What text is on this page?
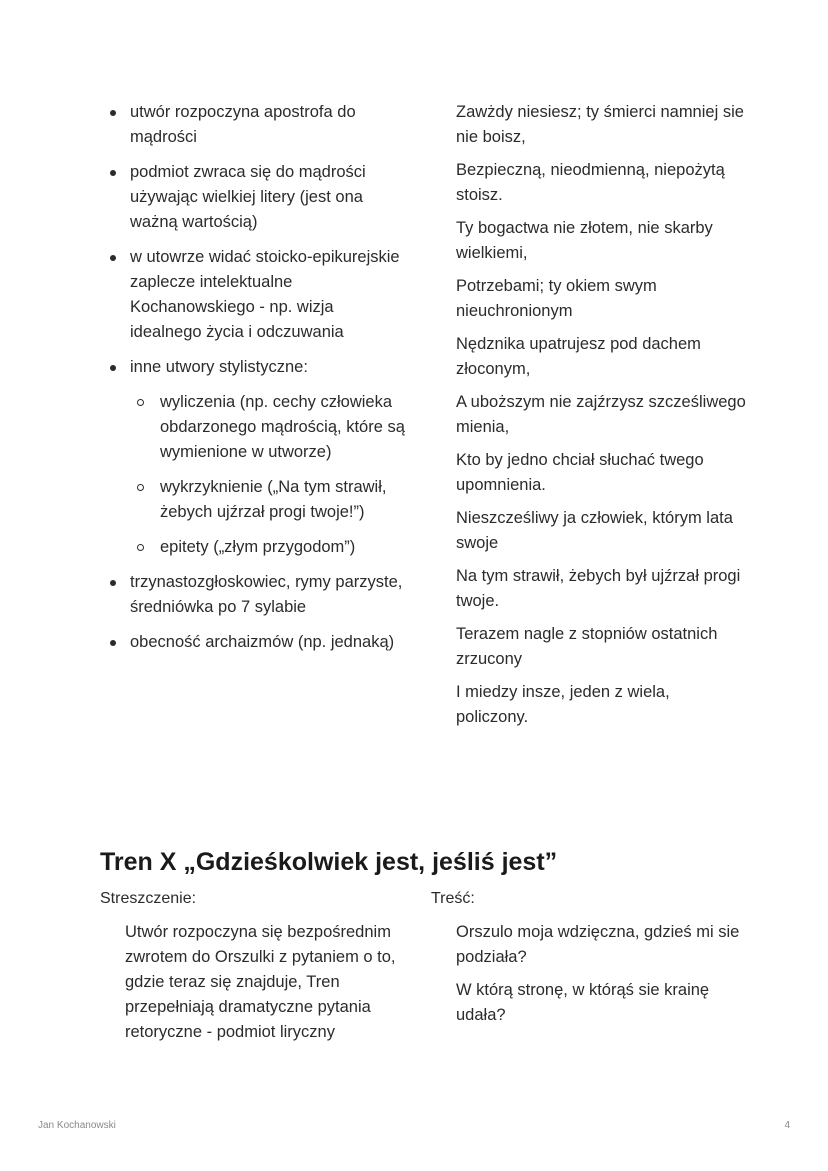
utwór rozpoczyna apostrofa do mądrości
podmiot zwraca się do mądrości używając wielkiej litery (jest ona ważną wartością)
w utowrze widać stoicko-epikurejskie zaplecze intelektualne Kochanowskiego - np. wizja idealnego życia i odczuwania
inne utwory stylistyczne:
wyliczenia (np. cechy człowieka obdarzonego mądrością, które są wymienione w utworze)
wykrzyknienie („Na tym strawił, żebych ujźrzał progi twoje!”)
epitety („złym przygodom”)
trzynastozgłoskowiec, rymy parzyste, średniówka po 7 sylabie
obecność archaizmów (np. jednaką)

Zawżdy niesiesz; ty śmierci namniej sie nie boisz,

Bezpieczną, nieodmienną, niepożytą stoisz.

Ty bogactwa nie złotem, nie skarby wielkiemi,

Potrzebami; ty okiem swym nieuchronionym

Nędznika upatrujesz pod dachem złoconym,

A uboższym nie zajźrzysz szcześliwego mienia,

Kto by jedno chciał słuchać twego upomnienia.

Nieszcześliwy ja człowiek, którym lata swoje

Na tym strawił, żebych był ujźrzał progi twoje.

Terazem nagle z stopniów ostatnich zrzucony

I miedzy insze, jeden z wiela, policzony.

Tren X „Gdzieśkolwiek jest, jeśliś jest”
Streszczenie:	Treść:
Utwór rozpoczyna się bezpośrednim zwrotem do Orszulki z pytaniem o to, gdzie teraz się znajduje, Tren przepełniają dramatyczne pytania retoryczne - podmiot liryczny

Orszulo moja wdzięczna, gdzieś mi sie podziała?

W którą stronę, w którąś sie krainę udała?

Jan Kochanowski	4
